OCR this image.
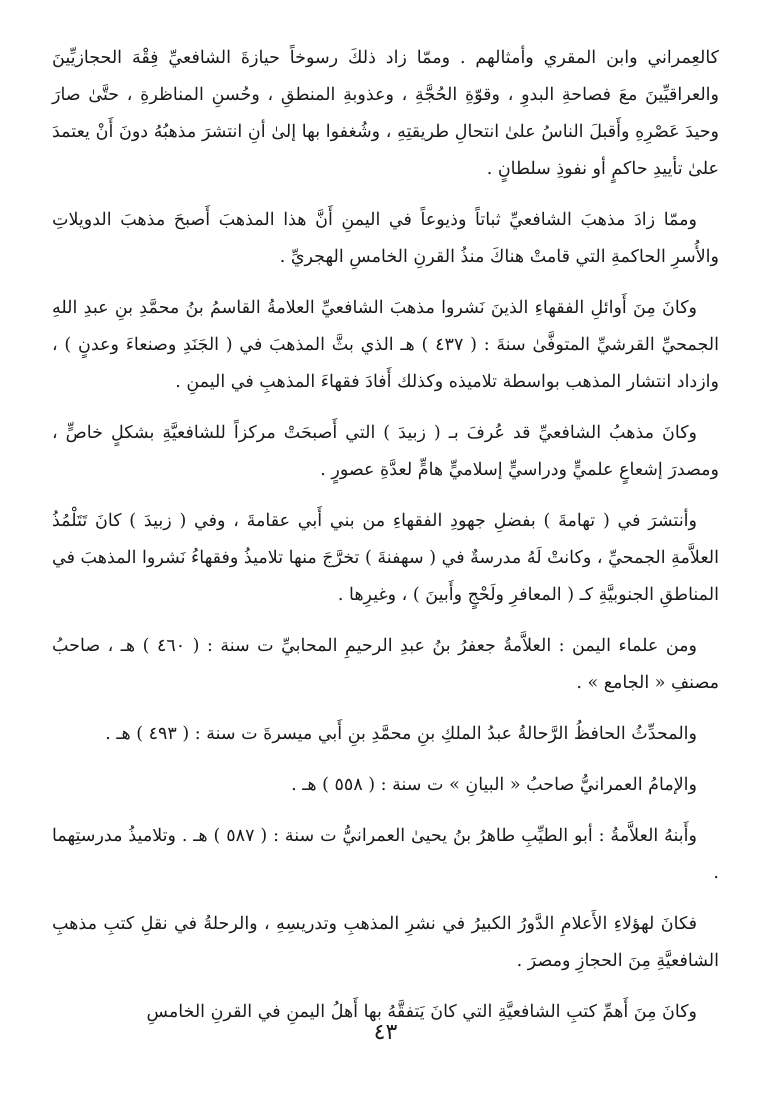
كالعِمراني وابن المقري وأمثالهم . وممّا زاد ذلكَ رسوخاً حيازةَ الشافعيِّ فِقْهَ الحجازيِّينَ والعراقيِّينَ معَ فصاحةِ البدوِ ، وقوّةِ الحُجَّةِ ، وعذوبةِ المنطقِ ، وحُسنِ المناظرةِ ، حتَّىٰ صارَ وحيدَ عَصْرِهِ وأَقبلَ الناسُ علىٰ انتحالِ طريقتِهِ ، وشُغفوا بها إلىٰ أنِ انتشرَ مذهبُهُ دونَ أَنْ يعتمدَ علىٰ تأييدِ حاكمٍ أو نفوذِ سلطانٍ .

وممّا زادَ مذهبَ الشافعيِّ ثباتاً وذيوعاً في اليمنِ أَنَّ هذا المذهبَ أَصبحَ مذهبَ الدويلاتِ والأُسرِ الحاكمةِ التي قامتْ هناكَ منذُ القرنِ الخامسِ الهجريِّ .

وكانَ مِنَ أَوائلِ الفقهاءِ الذينَ نَشروا مذهبَ الشافعيِّ العلامةُ القاسمُ بنُ محمَّدِ بنِ عبدِ اللهِ الجمحيِّ القرشيِّ المتوفَّىٰ سنةَ : ( ٤٣٧ ) هـ الذي بثَّ المذهبَ في ( الجَنَدِ وصنعاءَ وعدنٍ ) ، وازداد انتشار المذهب بواسطة تلاميذه وكذلك أَفادَ فقهاءَ المذهبِ في اليمنِ .

وكانَ مذهبُ الشافعيِّ قد عُرفَ بـ ( زبيدَ ) التي أَصبحَتْ مركزاً للشافعيَّةِ بشكلٍ خاصٍّ ، ومصدرَ إشعاعٍ علميٍّ ودراسيٍّ إسلاميٍّ هامٍّ لعدَّةِ عصورٍ .

وأنتشرَ في ( تهامةَ ) بفضلِ جهودِ الفقهاءِ من بني أَبي عقامةَ ، وفي ( زبيدَ ) كانَ تَتَلْمُذُ العلاَّمةِ الجمحيِّ ، وكانتْ لَهُ مدرسةٌ في ( سهفنةَ ) تخرَّجَ منها تلاميذُ وفقهاءُ نَشروا المذهبَ في المناطقِ الجنوبيَّةِ كـ ( المعافرِ ولَحْجٍ وأَبينَ ) ، وغيرِها .

ومن علماء اليمن : العلاَّمةُ جعفرُ بنُ عبدِ الرحيمِ المحابيِّ ت سنة : ( ٤٦٠ ) هـ ، صاحبُ مصنفِ « الجامع » .

والمحدِّثُ الحافظُ الرَّحالةُ عبدُ الملكِ بنِ محمَّدِ بنِ أَبي ميسرةَ ت سنة : ( ٤٩٣ ) هـ .

والإمامُ العمرانيُّ صاحبُ « البيانِ » ت سنة : ( ٥٥٨ ) هـ .

وأَبنهُ العلاَّمةُ : أبو الطيِّبِ طاهرُ بنُ يحيىٰ العمرانيُّ ت سنة : ( ٥٨٧ ) هـ . وتلاميذُ مدرستِهما .

فكانَ لهؤلاءِ الأَعلامِ الدَّورُ الكبيرُ في نشرِ المذهبِ وتدريسِهِ ، والرحلةُ في نقلِ كتبِ مذهبِ الشافعيَّةِ مِنَ الحجازِ ومصرَ .

وكانَ مِنَ أَهمِّ كتبِ الشافعيَّةِ التي كانَ يَتفقَّهُ بها أَهلُ اليمنِ في القرنِ الخامسِ

٤٣
